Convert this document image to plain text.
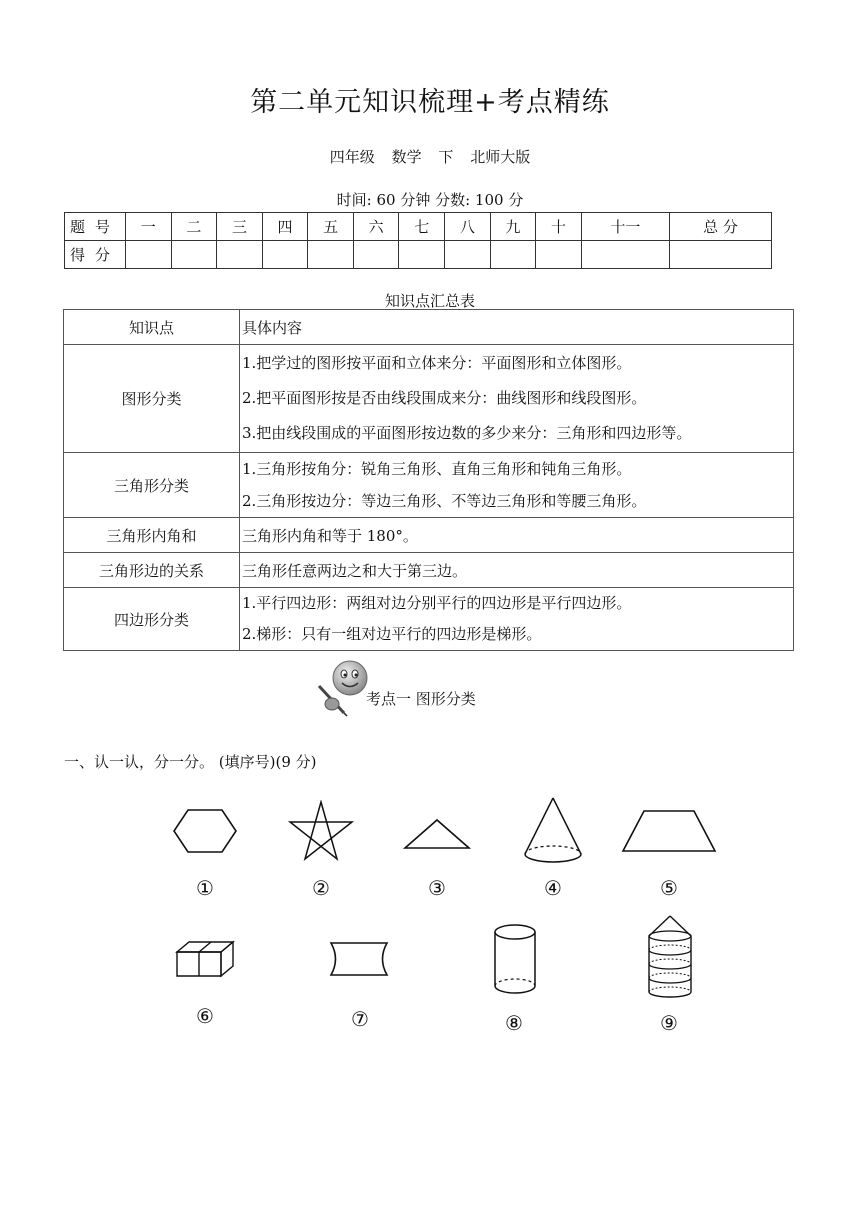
第二单元知识梳理+考点精练
四年级 数学 下 北师大版
时间: 60 分钟 分数: 100 分
题号	一	二	三	四	五	六	七	八	九	十	十一	总 分
得分												
知识点汇总表
知识点	具体内容
图形分类	1.把学过的图形按平面和立体来分：平面图形和立体图形。
2.把平面图形按是否由线段围成来分：曲线图形和线段图形。
3.把由线段围成的平面图形按边数的多少来分：三角形和四边形等。

三角形分类	1.三角形按角分：锐角三角形、直角三角形和钝角三角形。
2.三角形按边分：等边三角形、不等边三角形和等腰三角形。

三角形内角和	三角形内角和等于 180°。
三角形边的关系	三角形任意两边之和大于第三边。
四边形分类	1.平行四边形：两组对边分别平行的四边形是平行四边形。
2.梯形：只有一组对边平行的四边形是梯形。
考点一 图形分类
一、认一认，分一分。 (填序号)(9 分)
①	②	③	④	⑤
⑥	⑦	⑧	⑨
